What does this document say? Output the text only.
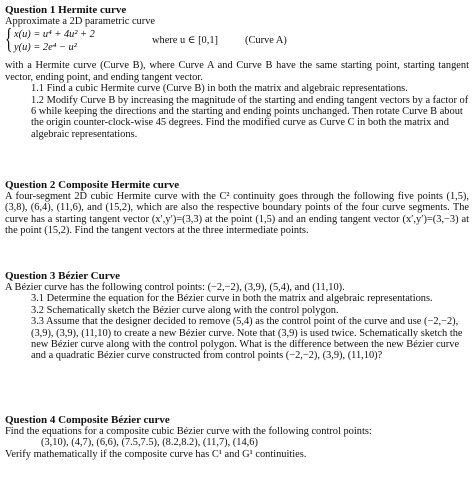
Question 1 Hermite curve

Approximate a 2D parametric curve

{ x(u) = u⁴ + 4u² + 2
y(u) = 2e⁴ − u²
where u ∈ [0,1]	(Curve A)

with a Hermite curve (Curve B), where Curve A and Curve B have the same starting point, starting tangent vector, ending point, and ending tangent vector.

1.1 Find a cubic Hermite curve (Curve B) in both the matrix and algebraic representations.

1.2 Modify Curve B by increasing the magnitude of the starting and ending tangent vectors by a factor of 6 while keeping the directions and the starting and ending points unchanged. Then rotate Curve B about the origin counter-clock-wise 45 degrees. Find the modified curve as Curve C in both the matrix and algebraic representations.

Question 2 Composite Hermite curve

A four-segment 2D cubic Hermite curve with the C² continuity goes through the following five points (1,5), (3,8), (6,4), (11,6), and (15,2), which are also the respective boundary points of the four curve segments. The curve has a starting tangent vector (x′,y′)=(3,3) at the point (1,5) and an ending tangent vector (x′,y′)=(3,−3) at the point (15,2). Find the tangent vectors at the three intermediate points.

Question 3 Bézier Curve

A Bézier curve has the following control points: (−2,−2), (3,9), (5,4), and (11,10).

3.1 Determine the equation for the Bézier curve in both the matrix and algebraic representations.

3.2 Schematically sketch the Bézier curve along with the control polygon.

3.3 Assume that the designer decided to remove (5,4) as the control point of the curve and use (−2,−2), (3,9), (3,9), (11,10) to create a new Bézier curve. Note that (3,9) is used twice. Schematically sketch the new Bézier curve along with the control polygon. What is the difference between the new Bézier curve and a quadratic Bézier curve constructed from control points (−2,−2), (3,9), (11,10)?

Question 4 Composite Bézier curve

Find the equations for a composite cubic Bézier curve with the following control points:

(3,10), (4,7), (6,6), (7.5,7.5), (8.2,8.2), (11,7), (14,6)

Verify mathematically if the composite curve has C¹ and G¹ continuities.
